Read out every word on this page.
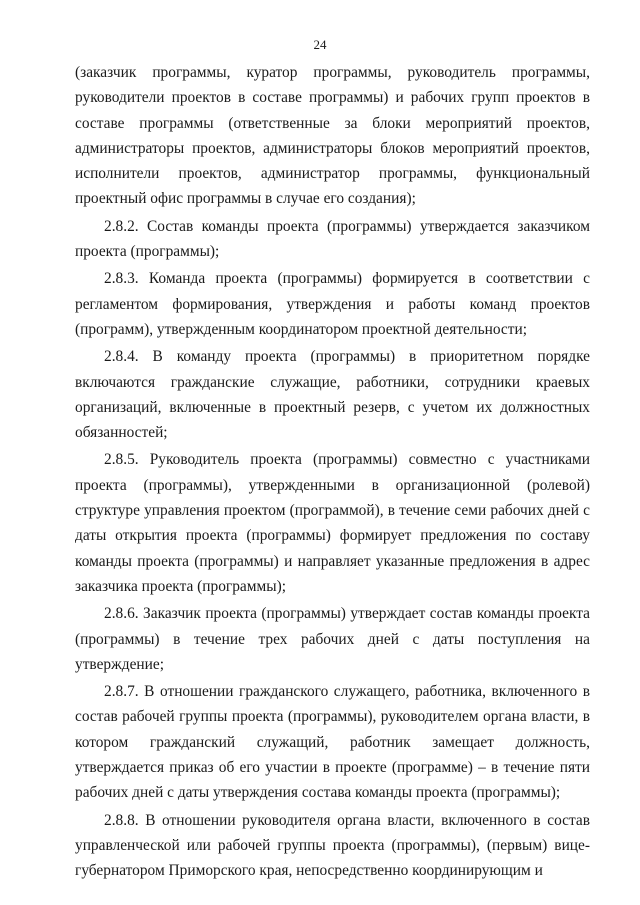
24

(заказчик программы, куратор программы, руководитель программы, руководители проектов в составе программы) и рабочих групп проектов в составе программы (ответственные за блоки мероприятий проектов, администраторы проектов, администраторы блоков мероприятий проектов, исполнители проектов, администратор программы, функциональный проектный офис программы в случае его создания);

2.8.2. Состав команды проекта (программы) утверждается заказчиком проекта (программы);

2.8.3. Команда проекта (программы) формируется в соответствии с регламентом формирования, утверждения и работы команд проектов (программ), утвержденным координатором проектной деятельности;

2.8.4. В команду проекта (программы) в приоритетном порядке включаются гражданские служащие, работники, сотрудники краевых организаций, включенные в проектный резерв, с учетом их должностных обязанностей;

2.8.5. Руководитель проекта (программы) совместно с участниками проекта (программы), утвержденными в организационной (ролевой) структуре управления проектом (программой), в течение семи рабочих дней с даты открытия проекта (программы) формирует предложения по составу команды проекта (программы) и направляет указанные предложения в адрес заказчика проекта (программы);

2.8.6. Заказчик проекта (программы) утверждает состав команды проекта (программы) в течение трех рабочих дней с даты поступления на утверждение;

2.8.7. В отношении гражданского служащего, работника, включенного в состав рабочей группы проекта (программы), руководителем органа власти, в котором гражданский служащий, работник замещает должность, утверждается приказ об его участии в проекте (программе) – в течение пяти рабочих дней с даты утверждения состава команды проекта (программы);

2.8.8. В отношении руководителя органа власти, включенного в состав управленческой или рабочей группы проекта (программы), (первым) вице-губернатором Приморского края, непосредственно координирующим и
